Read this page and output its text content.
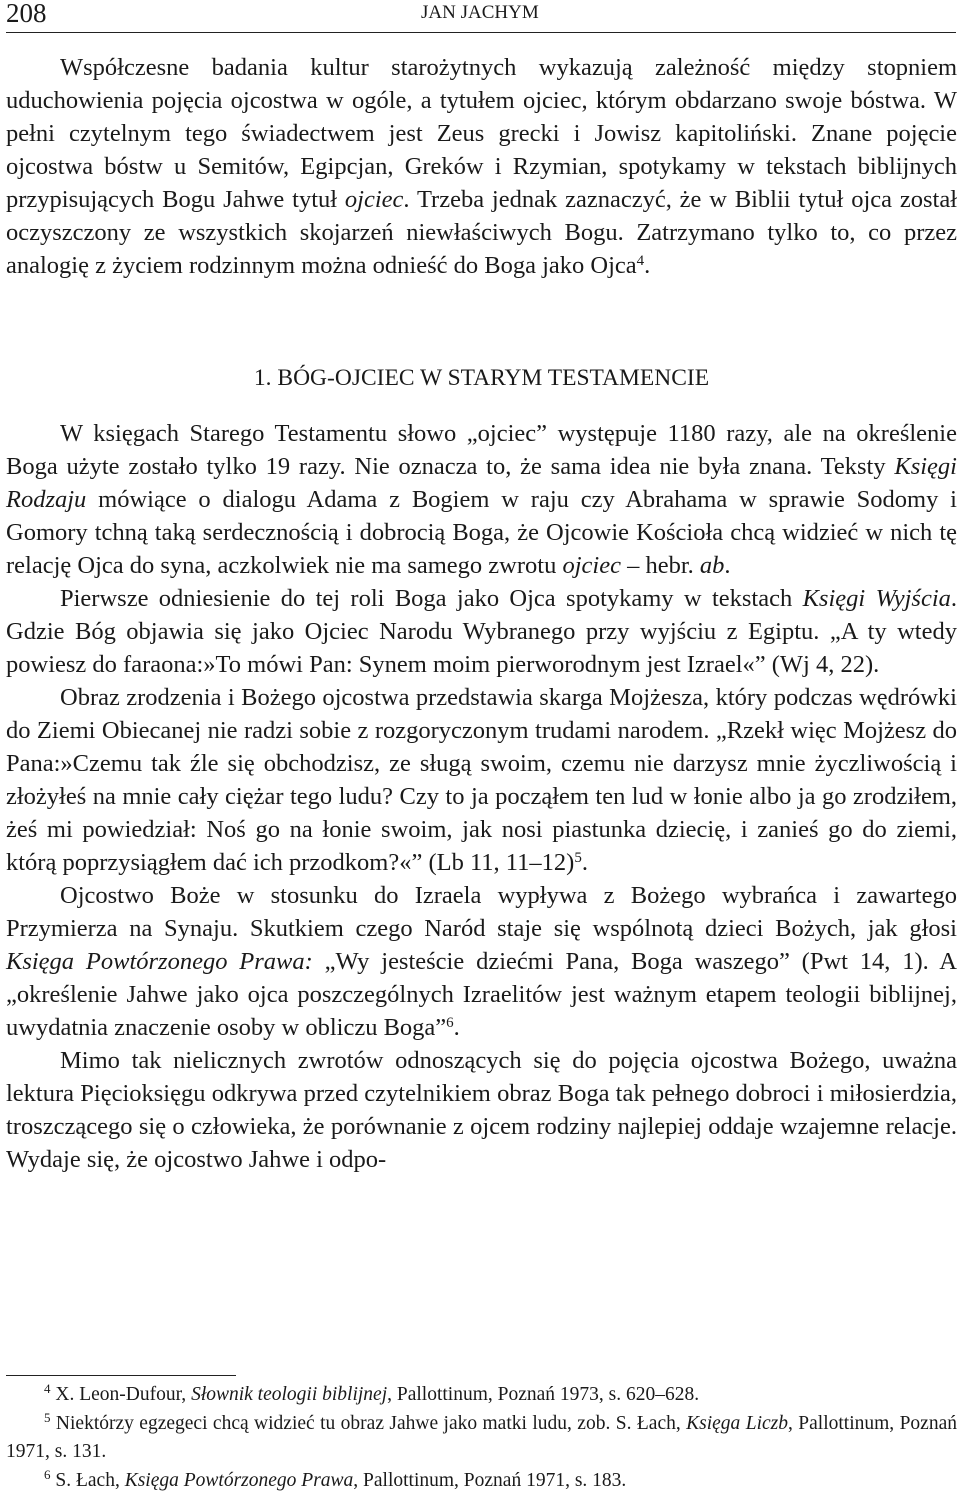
208	JAN JACHYM

Współczesne badania kultur starożytnych wykazują zależność między stopniem uduchowienia pojęcia ojcostwa w ogóle, a tytułem ojciec, którym obdarzano swoje bóstwa. W pełni czytelnym tego świadectwem jest Zeus grecki i Jowisz kapitoliński. Znane pojęcie ojcostwa bóstw u Semitów, Egipcjan, Greków i Rzymian, spotykamy w tekstach biblijnych przypisujących Bogu Jahwe tytuł ojciec. Trzeba jednak zaznaczyć, że w Biblii tytuł ojca został oczyszczony ze wszystkich skojarzeń niewłaściwych Bogu. Zatrzymano tylko to, co przez analogię z życiem rodzinnym można odnieść do Boga jako Ojca$^4$.

1. BÓG-OJCIEC W STARYM TESTAMENCIE

W księgach Starego Testamentu słowo „ojciec” występuje 1180 razy, ale na określenie Boga użyte zostało tylko 19 razy. Nie oznacza to, że sama idea nie była znana. Teksty Księgi Rodzaju mówiące o dialogu Adama z Bogiem w raju czy Abrahama w sprawie Sodomy i Gomory tchną taką serdecznością i dobrocią Boga, że Ojcowie Kościoła chcą widzieć w nich tę relację Ojca do syna, aczkolwiek nie ma samego zwrotu ojciec – hebr. ab.

Pierwsze odniesienie do tej roli Boga jako Ojca spotykamy w tekstach Księgi Wyjścia. Gdzie Bóg objawia się jako Ojciec Narodu Wybranego przy wyjściu z Egiptu. „A ty wtedy powiesz do faraona:»To mówi Pan: Synem moim pierworodnym jest Izrael«” (Wj 4, 22).

Obraz zrodzenia i Bożego ojcostwa przedstawia skarga Mojżesza, który podczas wędrówki do Ziemi Obiecanej nie radzi sobie z rozgoryczonym trudami narodem. „Rzekł więc Mojżesz do Pana:»Czemu tak źle się obchodzisz, ze sługą swoim, czemu nie darzysz mnie życzliwością i złożyłeś na mnie cały ciężar tego ludu? Czy to ja począłem ten lud w łonie albo ja go zrodziłem, żeś mi powiedział: Noś go na łonie swoim, jak nosi piastunka dziecię, i zanieś go do ziemi, którą poprzysiągłem dać ich przodkom?«” (Lb 11, 11–12)$^5$.

Ojcostwo Boże w stosunku do Izraela wypływa z Bożego wybrańca i zawartego Przymierza na Synaju. Skutkiem czego Naród staje się wspólnotą dzieci Bożych, jak głosi Księga Powtórzonego Prawa: „Wy jesteście dziećmi Pana, Boga waszego” (Pwt 14, 1). A „określenie Jahwe jako ojca poszczególnych Izraelitów jest ważnym etapem teologii biblijnej, uwydatnia znaczenie osoby w obliczu Boga”$^6$.

Mimo tak nielicznych zwrotów odnoszących się do pojęcia ojcostwa Bożego, uważna lektura Pięcioksięgu odkrywa przed czytelnikiem obraz Boga tak pełnego dobroci i miłosierdzia, troszczącego się o człowieka, że porównanie z ojcem rodziny najlepiej oddaje wzajemne relacje. Wydaje się, że ojcostwo Jahwe i odpo-

$^4$ X. Leon-Dufour, Słownik teologii biblijnej, Pallottinum, Poznań 1973, s. 620–628.

$^5$ Niektórzy egzegeci chcą widzieć tu obraz Jahwe jako matki ludu, zob. S. Łach, Księga Liczb, Pallottinum, Poznań 1971, s. 131.

$^6$ S. Łach, Księga Powtórzonego Prawa, Pallottinum, Poznań 1971, s. 183.
